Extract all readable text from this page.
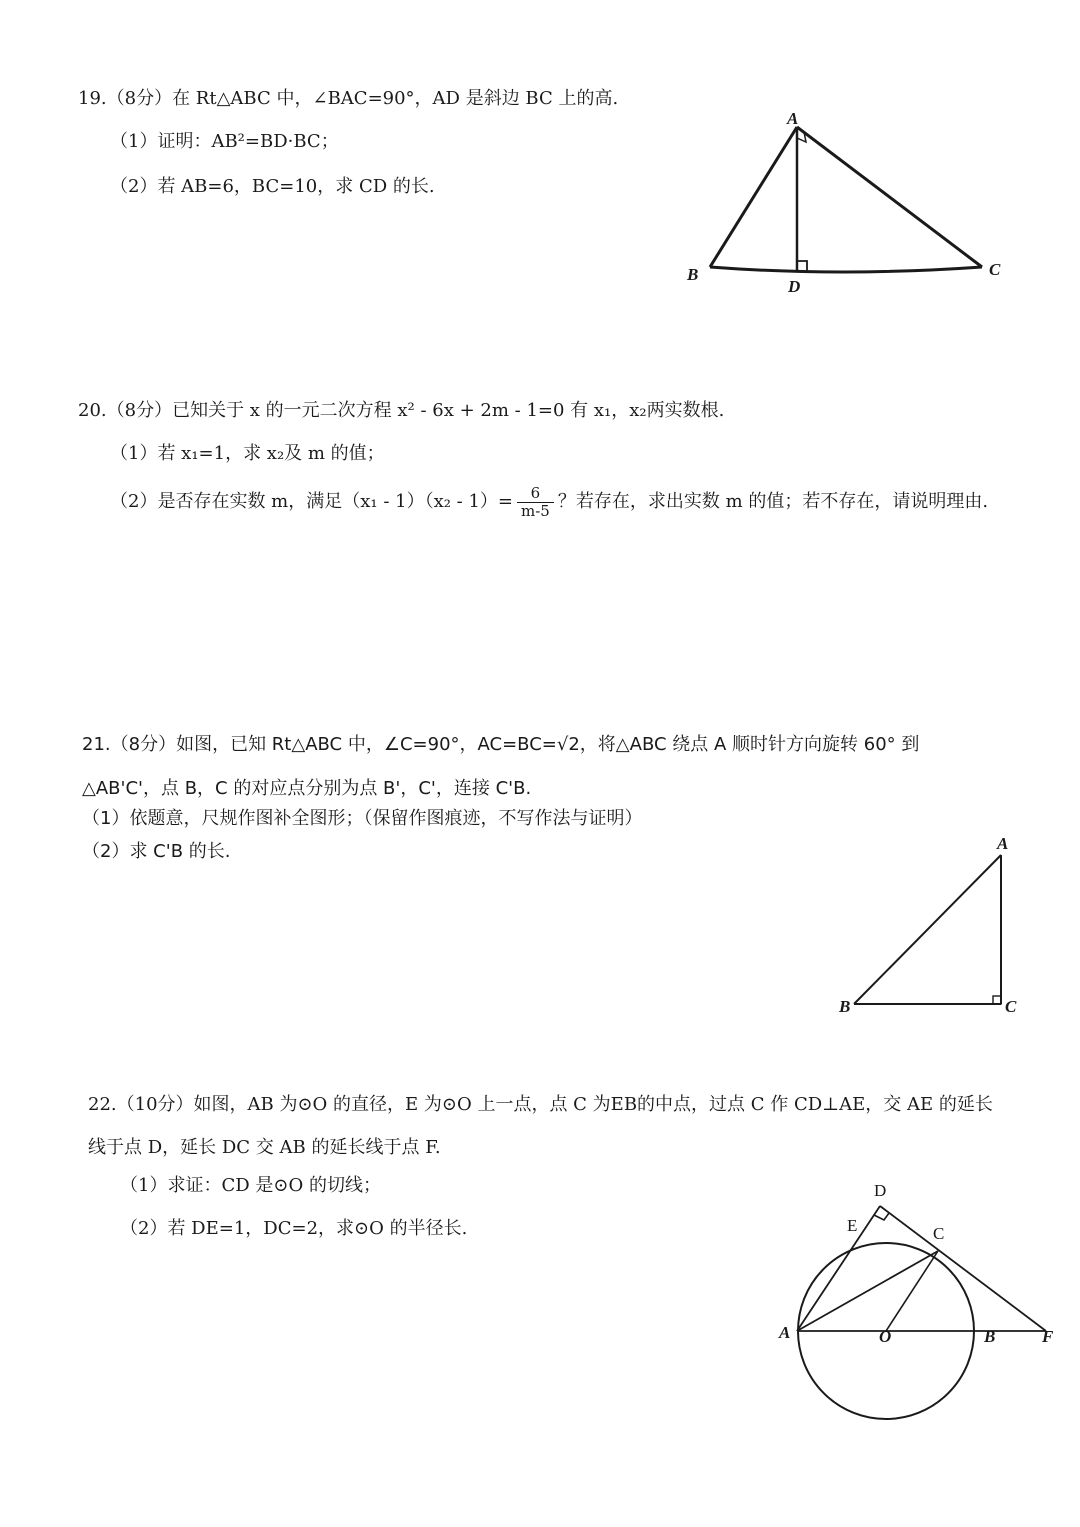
19.（8分）在 Rt△ABC 中，∠BAC=90°，AD 是斜边 BC 上的高.
（1）证明：AB²=BD·BC；
（2）若 AB=6，BC=10，求 CD 的长.
A
B	C
D
20.（8分）已知关于 x 的一元二次方程 x² - 6x + 2m - 1=0 有 x₁，x₂两实数根.
（1）若 x₁=1，求 x₂及 m 的值；
（2）是否存在实数 m，满足$(x_1 - 1)(x_2 - 1)= \frac{6}{m-5}$ ？若存在，求出实数 m 的值；若不存在，请说明理由.
21.（8分）如图，已知 Rt△ABC 中，∠C=90°，AC=BC=√2，将△ABC 绕点 A 顺时针方向旋转 60° 到
△AB'C'，点 B，C 的对应点分别为点 B'，C'，连接 C'B.
（1）依题意，尺规作图补全图形；（保留作图痕迹，不写作法与证明）
（2）求 C'B 的长.	A
B	C
22.（10分）如图，AB 为⊙O 的直径，E 为⊙O 上一点，点 C 为EB的中点，过点 C 作 CD⊥AE，交 AE 的延长
线于点 D，延长 DC 交 AB 的延长线于点 F.
（1）求证：CD 是⊙O 的切线；
（2）若 DE=1，DC=2，求⊙O 的半径长.
D
E	C
A	O	B	F
